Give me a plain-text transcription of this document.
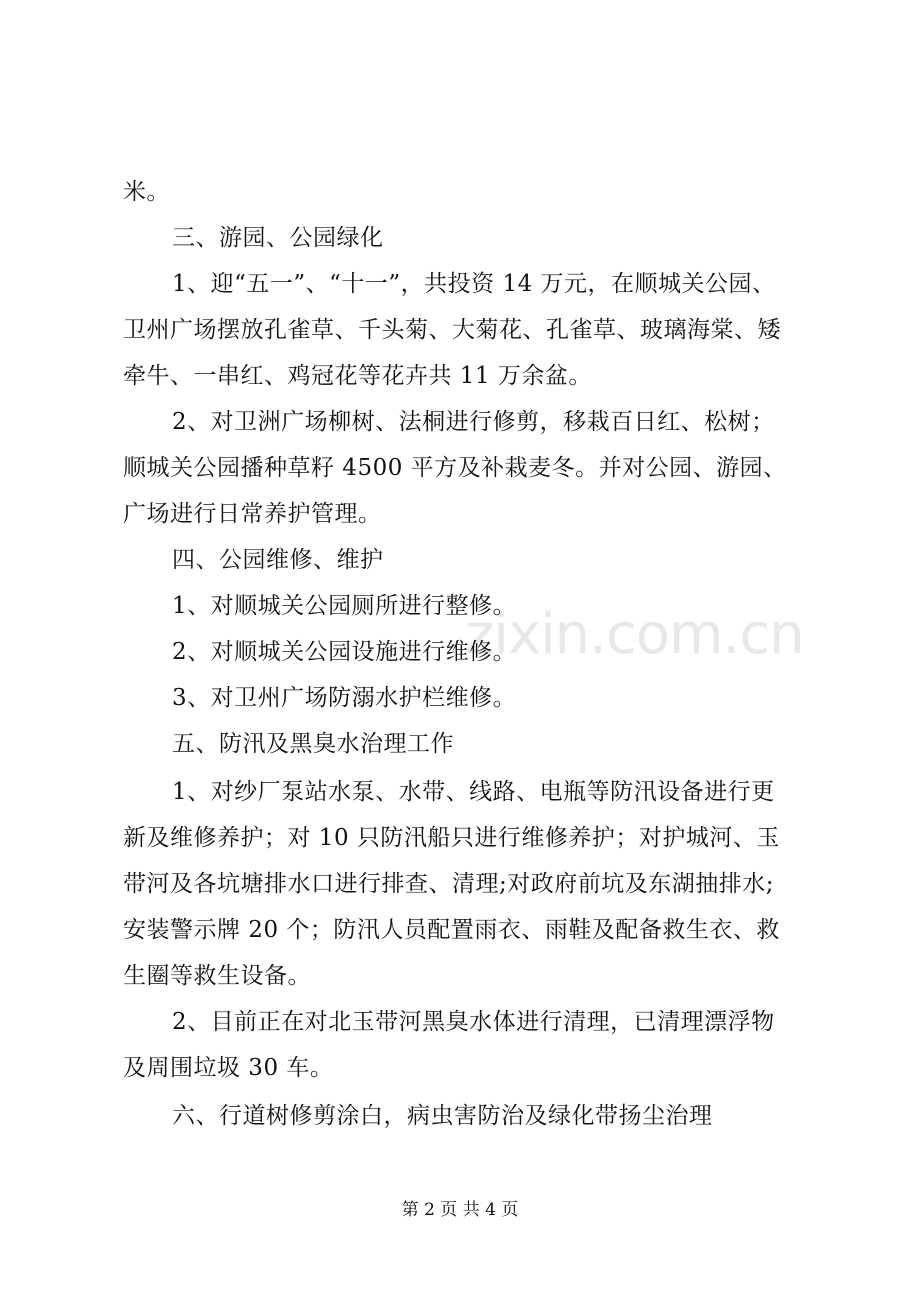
zixin.com.cn
米。
三、游园、公园绿化
1、迎“五一”、“十一”，共投资 14 万元，在顺城关公园、
卫州广场摆放孔雀草、千头菊、大菊花、孔雀草、玻璃海棠、矮
牵牛、一串红、鸡冠花等花卉共 11 万余盆。
2、对卫洲广场柳树、法桐进行修剪，移栽百日红、松树；
顺城关公园播种草籽 4500 平方及补栽麦冬。并对公园、游园、
广场进行日常养护管理。
四、公园维修、维护
1、对顺城关公园厕所进行整修。
2、对顺城关公园设施进行维修。
3、对卫州广场防溺水护栏维修。
五、防汛及黑臭水治理工作
1、对纱厂泵站水泵、水带、线路、电瓶等防汛设备进行更
新及维修养护；对 10 只防汛船只进行维修养护；对护城河、玉
带河及各坑塘排水口进行排查、清理;对政府前坑及东湖抽排水;
安装警示牌 20 个；防汛人员配置雨衣、雨鞋及配备救生衣、救
生圈等救生设备。
2、目前正在对北玉带河黑臭水体进行清理，已清理漂浮物
及周围垃圾 30 车。
六、行道树修剪涂白，病虫害防治及绿化带扬尘治理
第 2 页 共 4 页
